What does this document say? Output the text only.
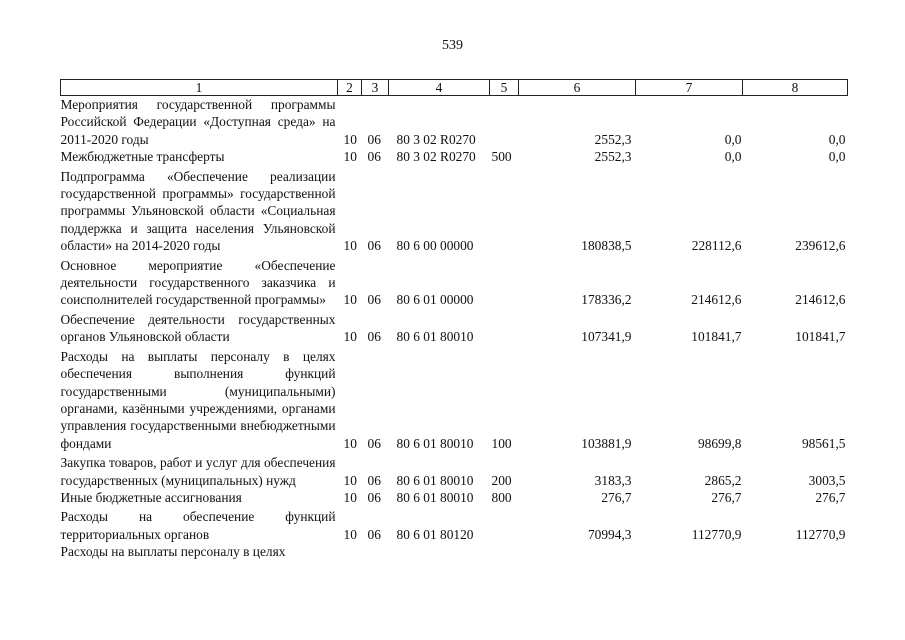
539
1	2	3	4	5	6	7	8
Мероприятия государственной программы Российской Федерации «Доступная среда» на 2011-2020 годы	10	06	80 3 02 R0270		2552,3	0,0	0,0
Межбюджетные трансферты	10	06	80 3 02 R0270	500	2552,3	0,0	0,0
Подпрограмма «Обеспечение реализации государственной программы» государственной программы Ульяновской области «Социальная поддержка и защита населения Ульяновской области» на 2014-2020 годы	10	06	80 6 00 00000		180838,5	228112,6	239612,6
Основное мероприятие «Обеспечение деятельности государственного заказчика и соисполнителей государственной программы»	10	06	80 6 01 00000		178336,2	214612,6	214612,6
Обеспечение деятельности государственных органов Ульяновской области	10	06	80 6 01 80010		107341,9	101841,7	101841,7
Расходы на выплаты персоналу в целях обеспечения выполнения функций государственными (муниципальными) органами, казёнными учреждениями, органами управления государственными внебюджетными фондами	10	06	80 6 01 80010	100	103881,9	98699,8	98561,5
Закупка товаров, работ и услуг для обеспечения государственных (муниципальных) нужд	10	06	80 6 01 80010	200	3183,3	2865,2	3003,5
Иные бюджетные ассигнования	10	06	80 6 01 80010	800	276,7	276,7	276,7
Расходы на обеспечение функций территориальных органов	10	06	80 6 01 80120		70994,3	112770,9	112770,9
Расходы на выплаты персоналу в целях							
